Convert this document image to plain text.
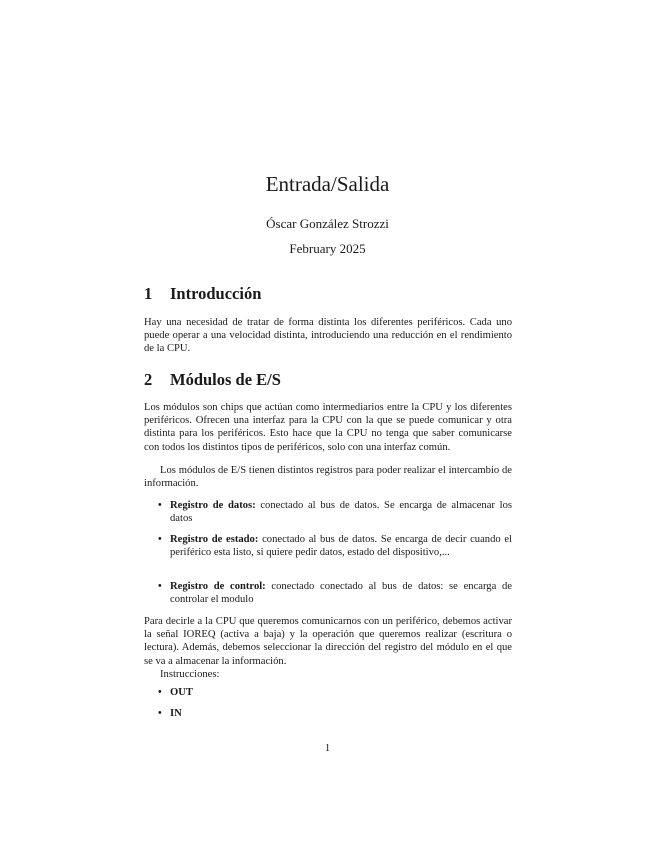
Entrada/Salida
Óscar González Strozzi
February 2025
1 Introducción
Hay una necesidad de tratar de forma distinta los diferentes periféricos. Cada uno puede operar a una velocidad distinta, introduciendo una reducción en el rendimiento de la CPU.
2 Módulos de E/S
Los módulos son chips que actúan como intermediarios entre la CPU y los diferentes periféricos. Ofrecen una interfaz para la CPU con la que se puede comunicar y otra distinta para los periféricos. Esto hace que la CPU no tenga que saber comunicarse con todos los distintos tipos de periféricos, solo con una interfaz común.
Los módulos de E/S tienen distintos registros para poder realizar el intercambio de información.
• Registro de datos: conectado al bus de datos. Se encarga de almacenar los datos
• Registro de estado: conectado al bus de datos. Se encarga de decir cuando el periférico esta listo, si quiere pedir datos, estado del dispositivo,...
• Registro de control: conectado conectado al bus de datos: se encarga de controlar el modulo
Para decirle a la CPU que queremos comunicarnos con un periférico, debemos activar la señal IOREQ (activa a baja) y la operación que queremos realizar (escritura o lectura). Además, debemos seleccionar la dirección del registro del módulo en el que se va a almacenar la información.
Instrucciones:
• OUT
• IN
1
